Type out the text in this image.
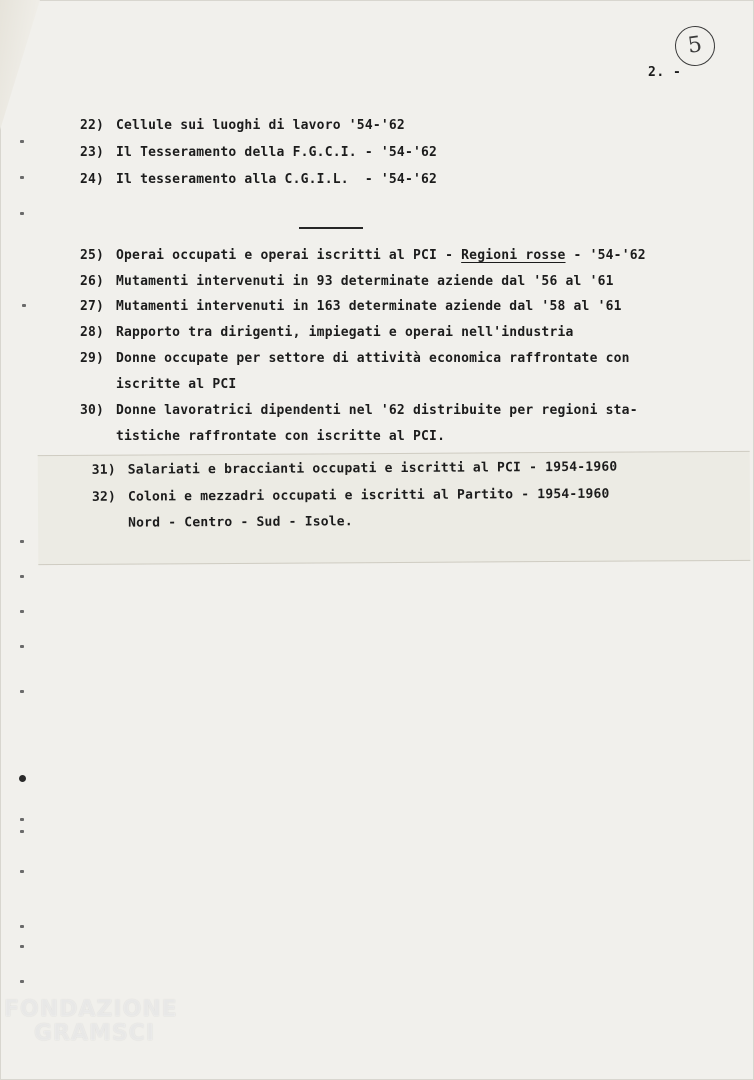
5
2. -
22) Cellule sui luoghi di lavoro '54-'62
23) Il Tesseramento della F.G.C.I. - '54-'62
24) Il tesseramento alla C.G.I.L.  - '54-'62
25) Operai occupati e operai iscritti al PCI - Regioni rosse - '54-'62
26) Mutamenti intervenuti in 93 determinate aziende dal '56 al '61
27) Mutamenti intervenuti in 163 determinate aziende dal '58 al '61
28) Rapporto tra dirigenti, impiegati e operai nell'industria
29) Donne occupate per settore di attività economica raffrontate con
iscritte al PCI
30) Donne lavoratrici dipendenti nel '62 distribuite per regioni sta-
tistiche raffrontate con iscritte al PCI.
31) Salariati e braccianti occupati e iscritti al PCI - 1954-1960
32) Coloni e mezzadri occupati e iscritti al Partito - 1954-1960
Nord - Centro - Sud - Isole.
FONDAZIONE
GRAMSCI
